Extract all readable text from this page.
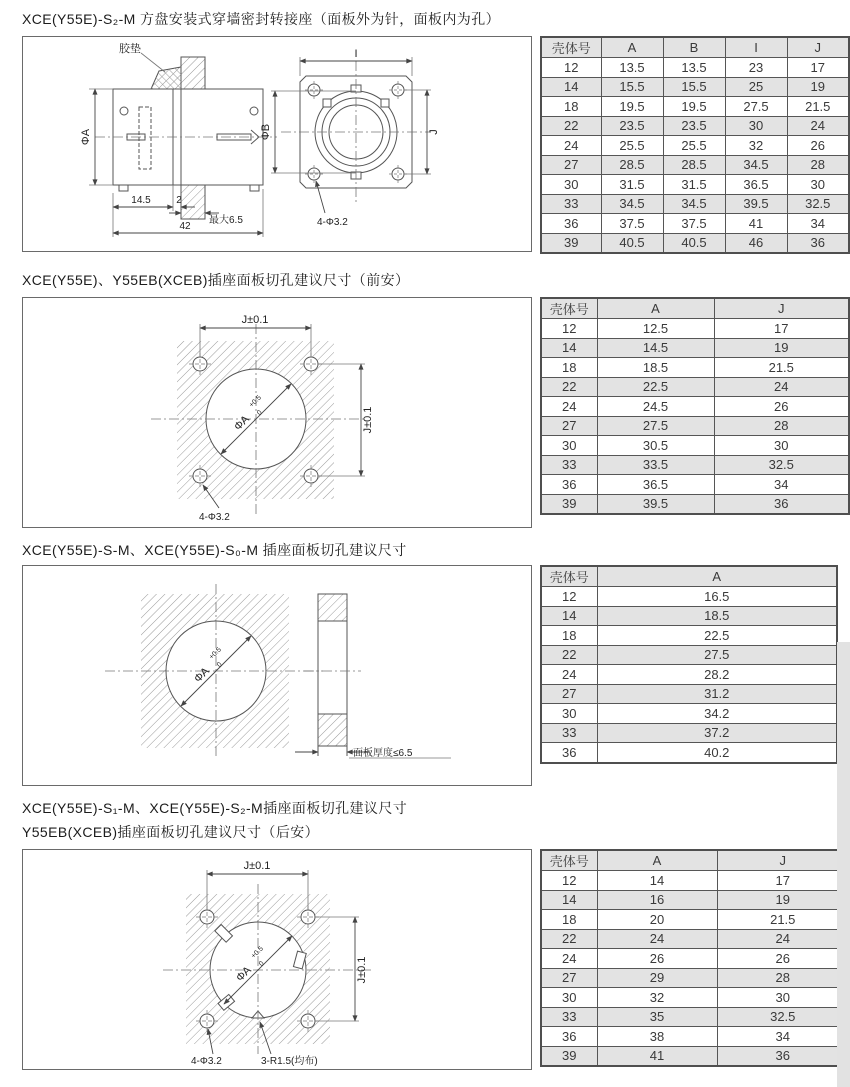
XCE(Y55E)-S₂-M 方盘安装式穿墙密封转接座（面板外为针，面板内为孔）
胶垫
ΦA
14.5	2
最大6.5
42
I
ΦB	J
4-Φ3.2
壳体号	A	B	I	J
12	13.5	13.5	23	17
14	15.5	15.5	25	19
18	19.5	19.5	27.5	21.5
22	23.5	23.5	30	24
24	25.5	25.5	32	26
27	28.5	28.5	34.5	28
30	31.5	31.5	36.5	30
33	34.5	34.5	39.5	32.5
36	37.5	37.5	41	34
39	40.5	40.5	46	36
XCE(Y55E)、Y55EB(XCEB)插座面板切孔建议尺寸（前安）
J±0.1
J±0.1
ΦA
+0.5
0
4-Φ3.2
壳体号	A	J
12	12.5	17
14	14.5	19
18	18.5	21.5
22	22.5	24
24	24.5	26
27	27.5	28
30	30.5	30
33	33.5	32.5
36	36.5	34
39	39.5	36
XCE(Y55E)-S-M、XCE(Y55E)-S₀-M 插座面板切孔建议尺寸
ΦA
+0.5
0
面板厚度≤6.5
壳体号	A
12	16.5
14	18.5
18	22.5
22	27.5
24	28.2
27	31.2
30	34.2
33	37.2
36	40.2
XCE(Y55E)-S₁-M、XCE(Y55E)-S₂-M插座面板切孔建议尺寸
Y55EB(XCEB)插座面板切孔建议尺寸（后安）
J±0.1
J±0.1
ΦA
+0.5
0
4-Φ3.2	3-R1.5(均布)
壳体号	A	J
12	14	17
14	16	19
18	20	21.5
22	24	24
24	26	26
27	29	28
30	32	30
33	35	32.5
36	38	34
39	41	36
